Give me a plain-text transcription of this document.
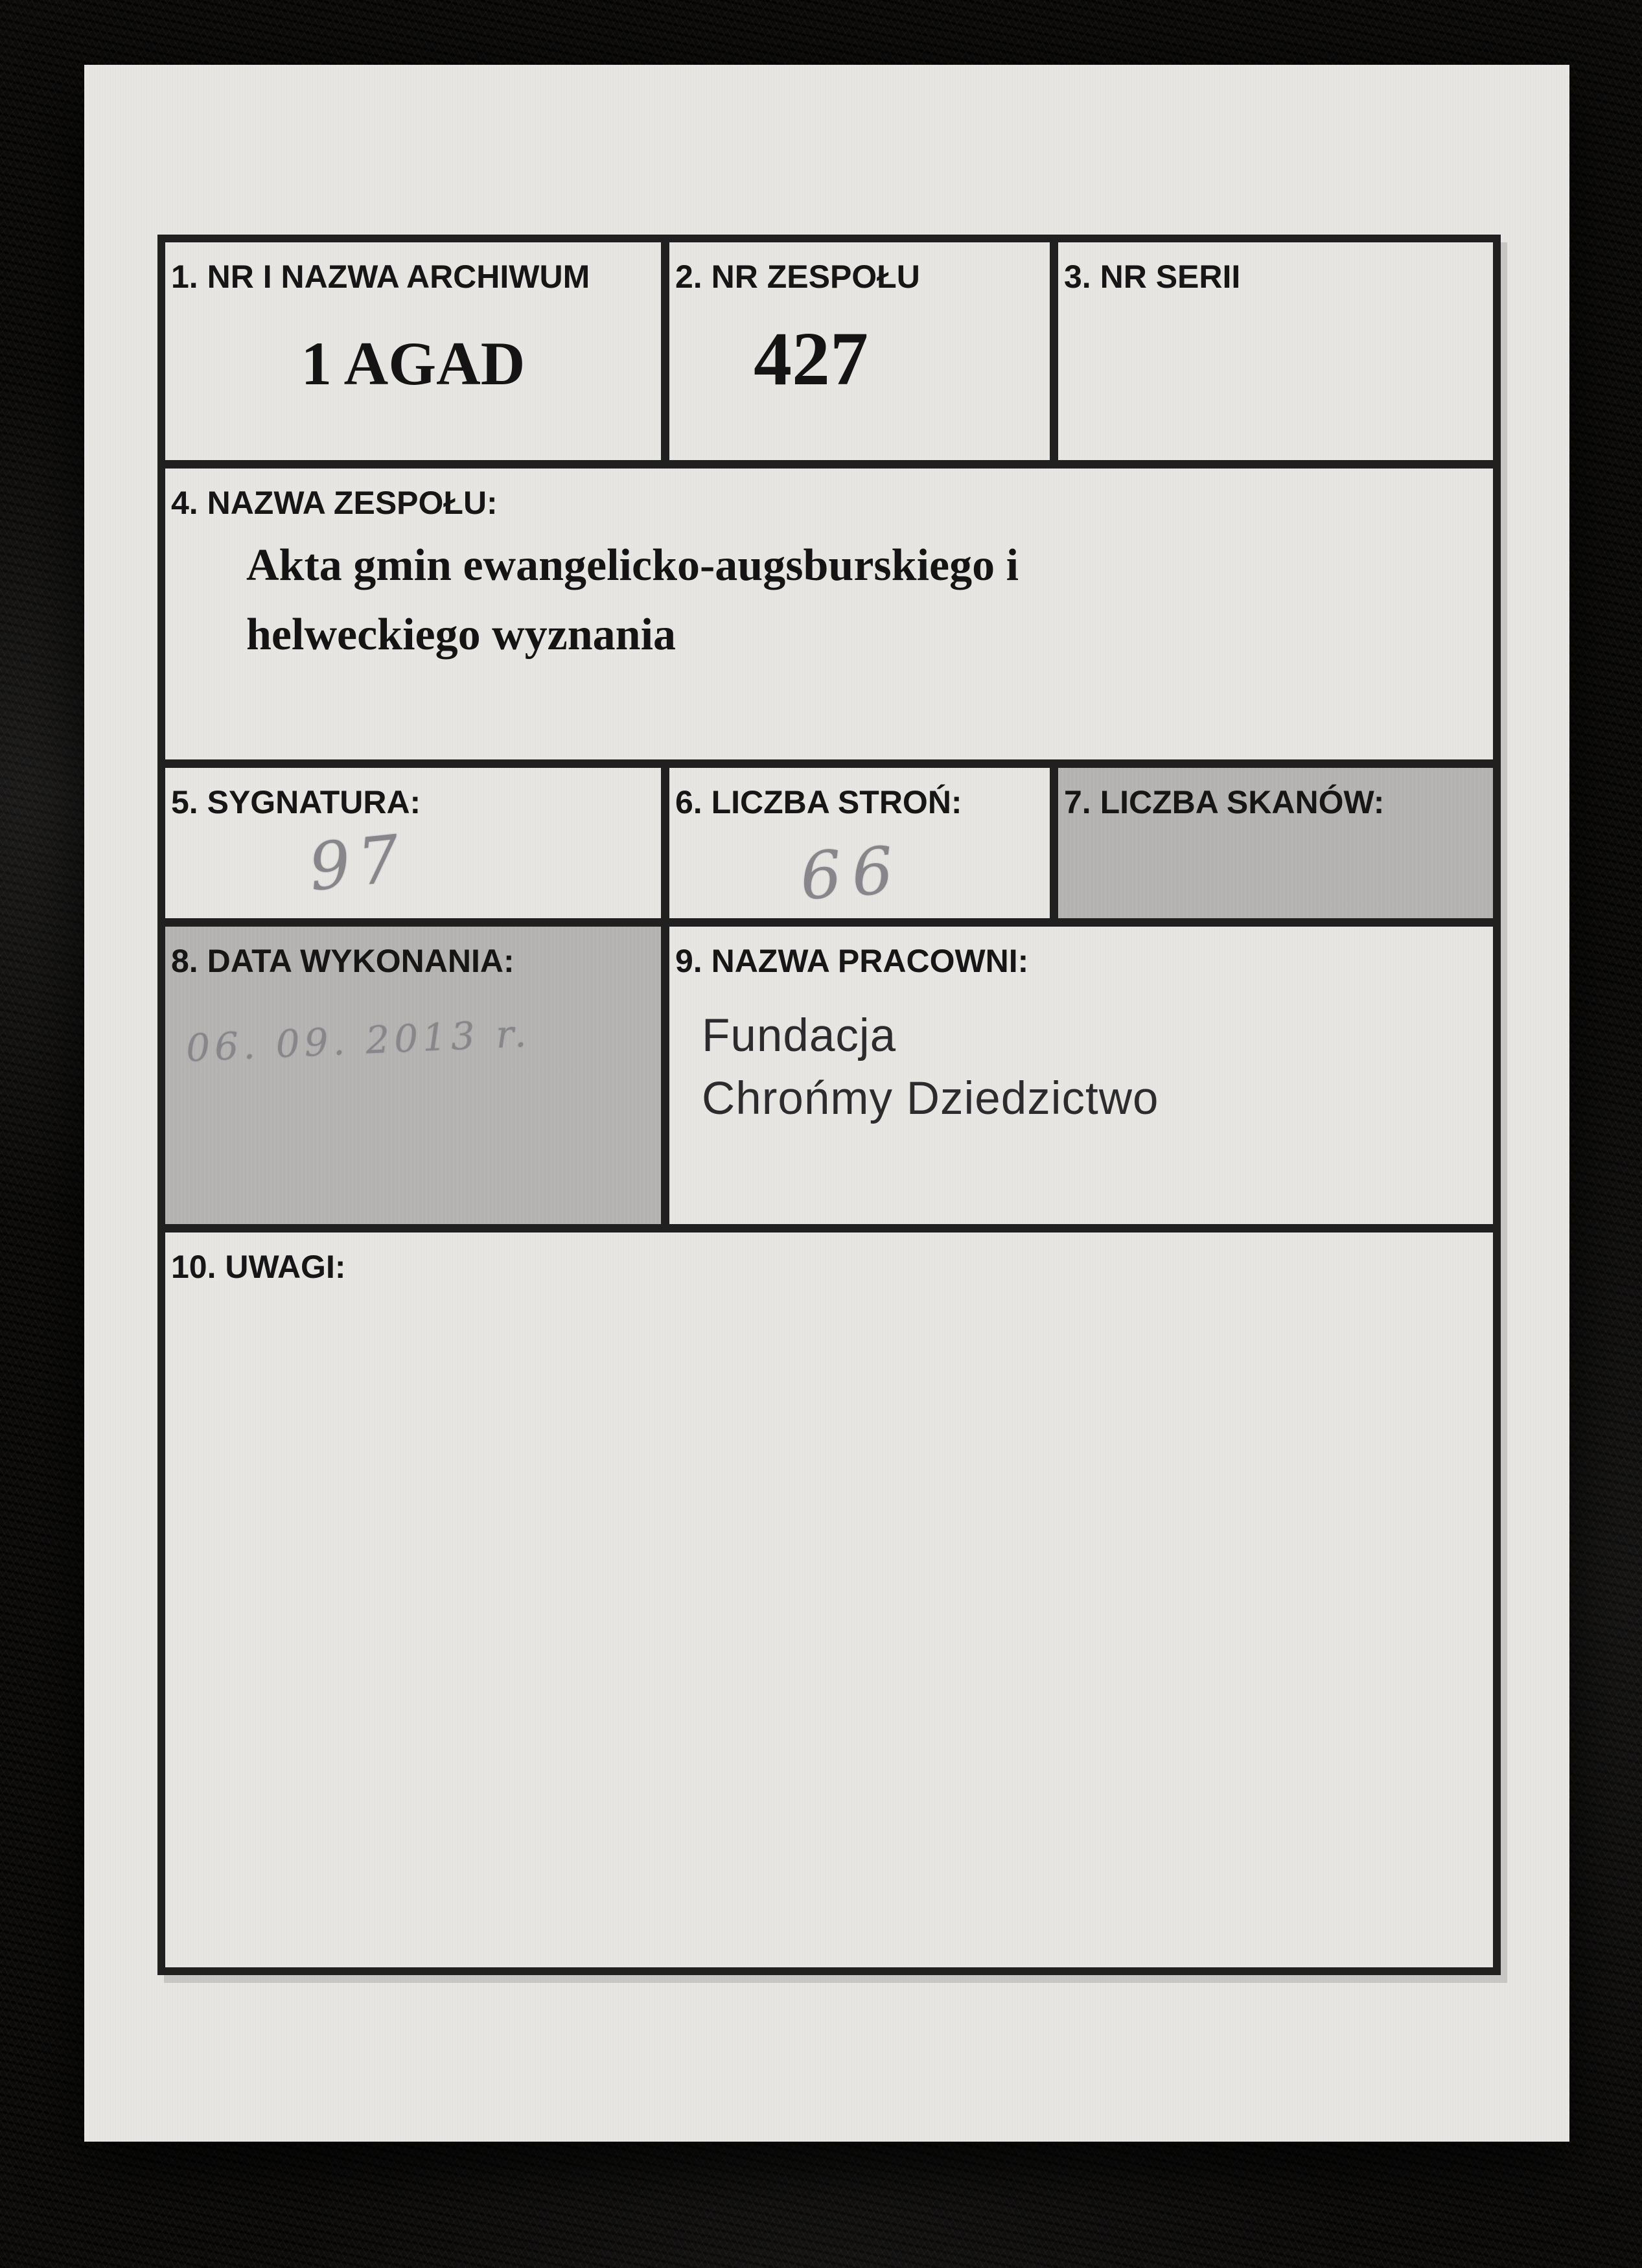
1. NR I NAZWA ARCHIWUM
1 AGAD
2. NR ZESPOŁU
427
3. NR SERII
4. NAZWA ZESPOŁU:
Akta gmin ewangelicko-augsburskiego i
helweckiego wyznania
5. SYGNATURA:
97
6. LICZBA STROŃ:
66
7. LICZBA SKANÓW:
8. DATA WYKONANIA:
06. 09. 2013 r.
9. NAZWA PRACOWNI:
Fundacja
Chrońmy Dziedzictwo
10. UWAGI:
